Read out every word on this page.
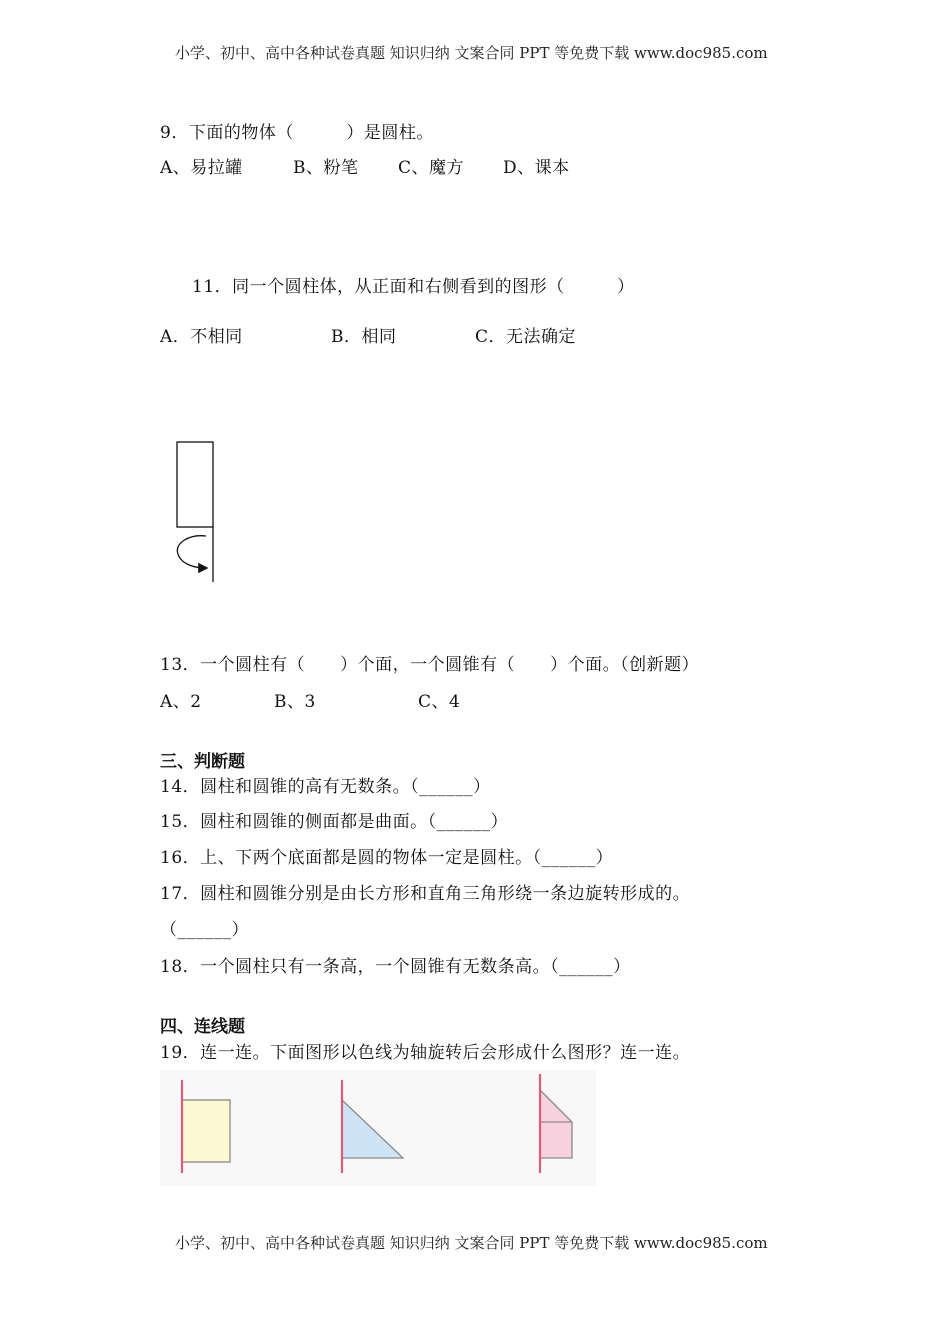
小学、初中、高中各种试卷真题 知识归纳 文案合同 PPT 等免费下载 www.doc985.com
9．下面的物体（　　　）是圆柱。
A、易拉罐	B、粉笔 C、魔方 D、课本
11．同一个圆柱体，从正面和右侧看到的图形（　　　）
A．不相同	B．相同	C．无法确定
13．一个圆柱有（　　）个面，一个圆锥有（　　）个面。（创新题）
A、2	B、3	C、4
三、判断题
14．圆柱和圆锥的高有无数条。（______）
15．圆柱和圆锥的侧面都是曲面。（______）
16．上、下两个底面都是圆的物体一定是圆柱。（______）
17．圆柱和圆锥分别是由长方形和直角三角形绕一条边旋转形成的。
（______）
18．一个圆柱只有一条高，一个圆锥有无数条高。（______）
四、连线题
19．连一连。下面图形以色线为轴旋转后会形成什么图形？连一连。
小学、初中、高中各种试卷真题 知识归纳 文案合同 PPT 等免费下载 www.doc985.com
